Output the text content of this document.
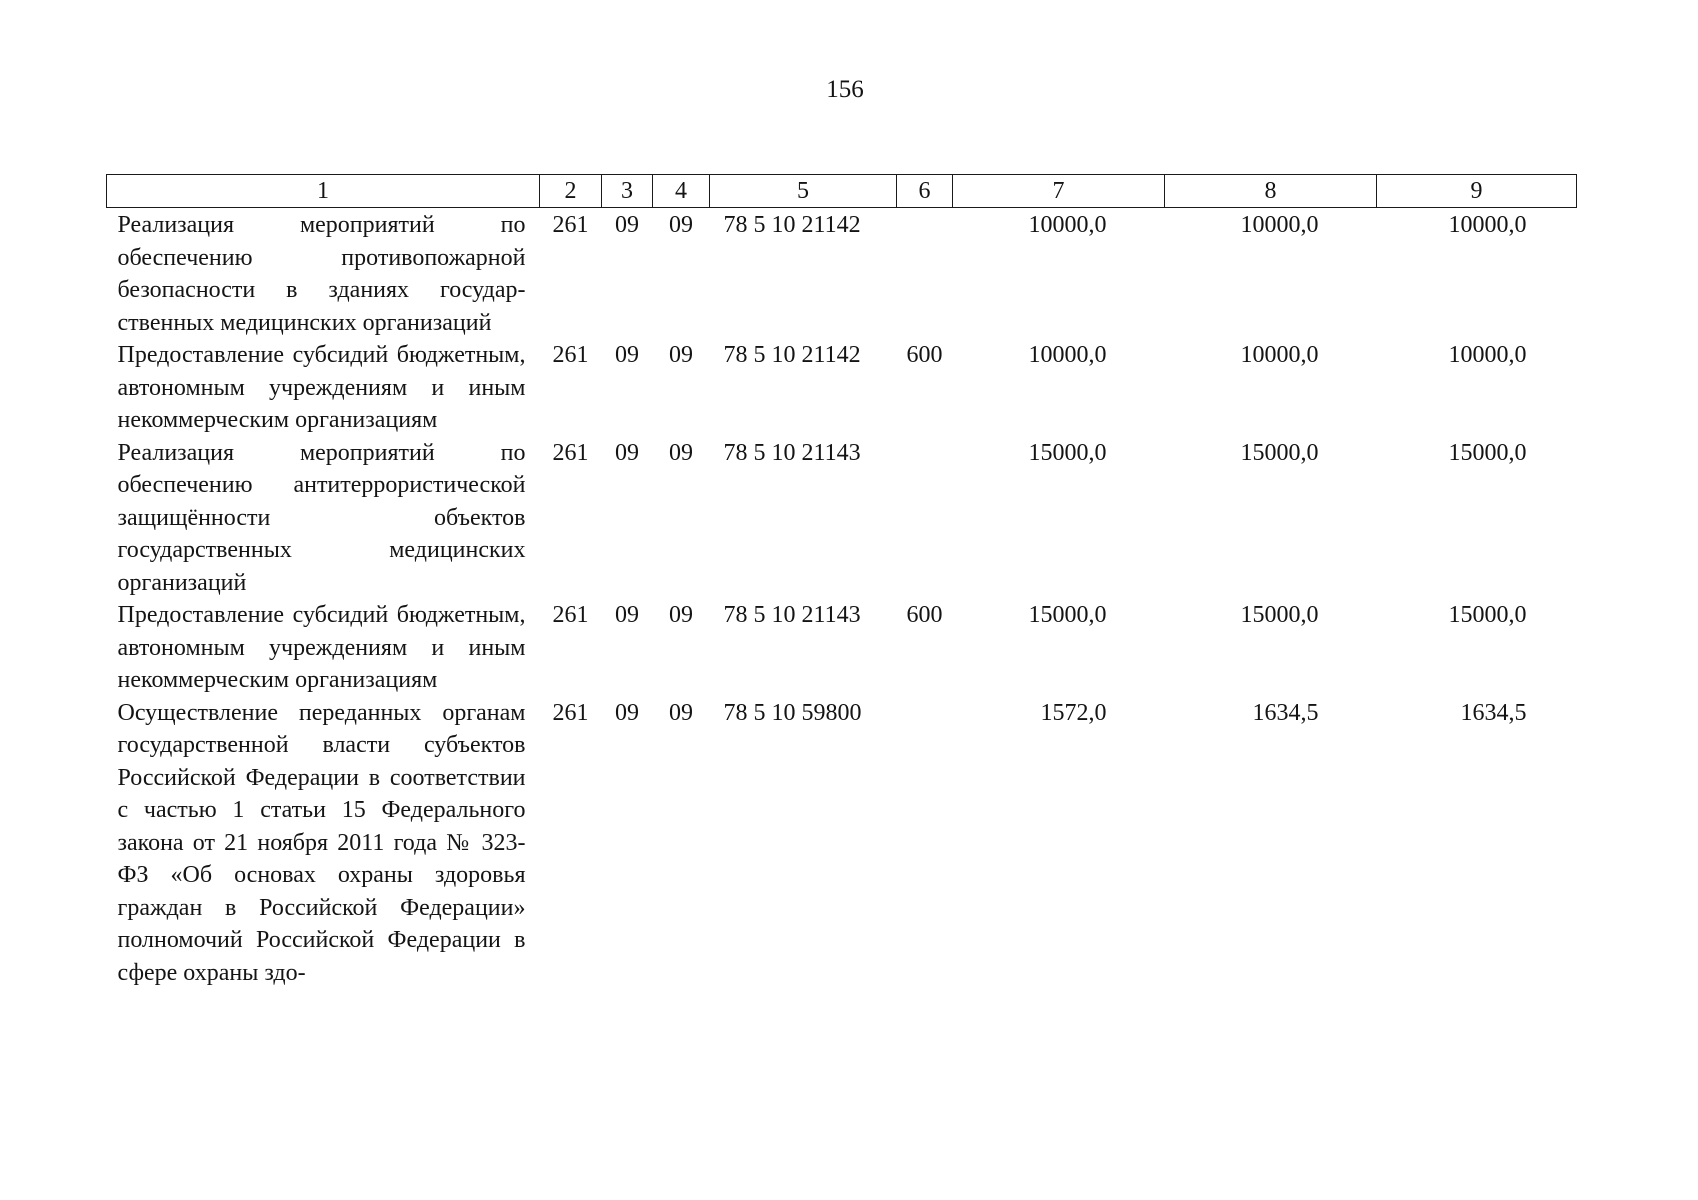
156
1	2	3	4	5	6	7	8	9
Реализация мероприятий по обеспечению противопожарной безопасности в зданиях государственных медицинских организаций	261	09	09	78 5 10 21142		10000,0	10000,0	10000,0
Предоставление субсидий бюджетным, автономным учреждениям и иным некоммерческим организациям	261	09	09	78 5 10 21142	600	10000,0	10000,0	10000,0
Реализация мероприятий по обеспечению антитеррористической защищённости объектов государственных медицинских организаций	261	09	09	78 5 10 21143		15000,0	15000,0	15000,0
Предоставление субсидий бюджетным, автономным учреждениям и иным некоммерческим организациям	261	09	09	78 5 10 21143	600	15000,0	15000,0	15000,0
Осуществление переданных органам государственной власти субъектов Российской Федерации в соответствии с частью 1 статьи 15 Федерального закона от 21 ноября 2011 года № 323-ФЗ «Об основах охраны здоровья граждан в Российской Федерации» полномочий Российской Федерации в сфере охраны здо-	261	09	09	78 5 10 59800		1572,0	1634,5	1634,5
